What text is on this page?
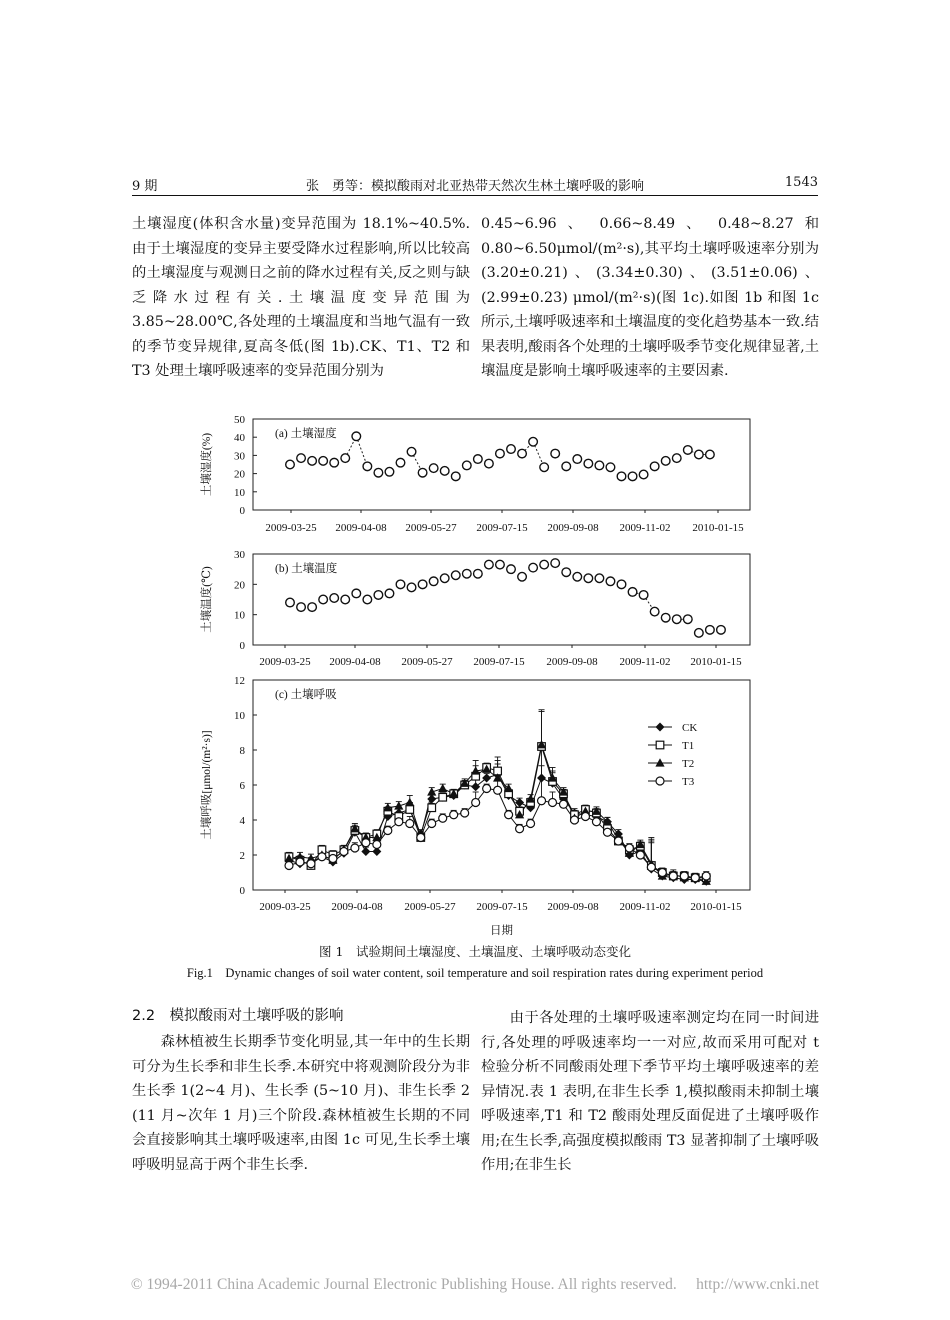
9 期	张　勇等：模拟酸雨对北亚热带天然次生林土壤呼吸的影响	1543

土壤湿度(体积含水量)变异范围为 18.1%~40.5%. 由于土壤湿度的变异主要受降水过程影响,所以比较高的土壤湿度与观测日之前的降水过程有关,反之则与缺乏降水过程有关.土壤温度变异范围为 3.85~28.00℃,各处理的土壤温度和当地气温有一致的季节变异规律,夏高冬低(图 1b).CK、T1、T2 和 T3 处理土壤呼吸速率的变异范围分别为

0.45~6.96 、 0.66~8.49 、 0.48~8.27 和 0.80~6.50μmol/(m²·s),其平均土壤呼吸速率分别为(3.20±0.21)、(3.34±0.30)、(3.51±0.06)、(2.99±0.23) μmol/(m²·s)(图 1c).如图 1b 和图 1c 所示,土壤呼吸速率和土壤温度的变化趋势基本一致.结果表明,酸雨各个处理的土壤呼吸季节变化规律显著,土壤温度是影响土壤呼吸速率的主要因素.

0
10
20
30
40
50
2009-03-25 2009-04-08 2009-05-27 2009-07-15 2009-09-08 2009-11-02 2010-01-15
(a) 土壤湿度
土壤湿度(%)
0
10
20
30
2009-03-25 2009-04-08 2009-05-27 2009-07-15 2009-09-08 2009-11-02 2010-01-15
(b) 土壤温度
土壤温度(℃)
0
2
4
6
8
10
12
2009-03-25 2009-04-08 2009-05-27 2009-07-15 2009-09-08 2009-11-02 2010-01-15
(c) 土壤呼吸
土壤呼吸[μmol/(m²·s)]
日期
CK
T1
T2
T3
图 1　试验期间土壤湿度、土壤温度、土壤呼吸动态变化
Fig.1　Dynamic changes of soil water content, soil temperature and soil respiration rates during experiment period
2.2　模拟酸雨对土壤呼吸的影响

森林植被生长期季节变化明显,其一年中的生长期可分为生长季和非生长季.本研究中将观测阶段分为非生长季 1(2~4 月)、生长季 (5~10 月)、非生长季 2 (11 月~次年 1 月)三个阶段.森林植被生长期的不同会直接影响其土壤呼吸速率,由图 1c 可见,生长季土壤呼吸明显高于两个非生长季.

由于各处理的土壤呼吸速率测定均在同一时间进行,各处理的呼吸速率均一一对应,故而采用可配对 t 检验分析不同酸雨处理下季节平均土壤呼吸速率的差异情况.表 1 表明,在非生长季 1,模拟酸雨未抑制土壤呼吸速率,T1 和 T2 酸雨处理反面促进了土壤呼吸作用;在生长季,高强度模拟酸雨 T3 显著抑制了土壤呼吸作用;在非生长

© 1994-2011 China Academic Journal Electronic Publishing House. All rights reserved.　 http://www.cnki.net
